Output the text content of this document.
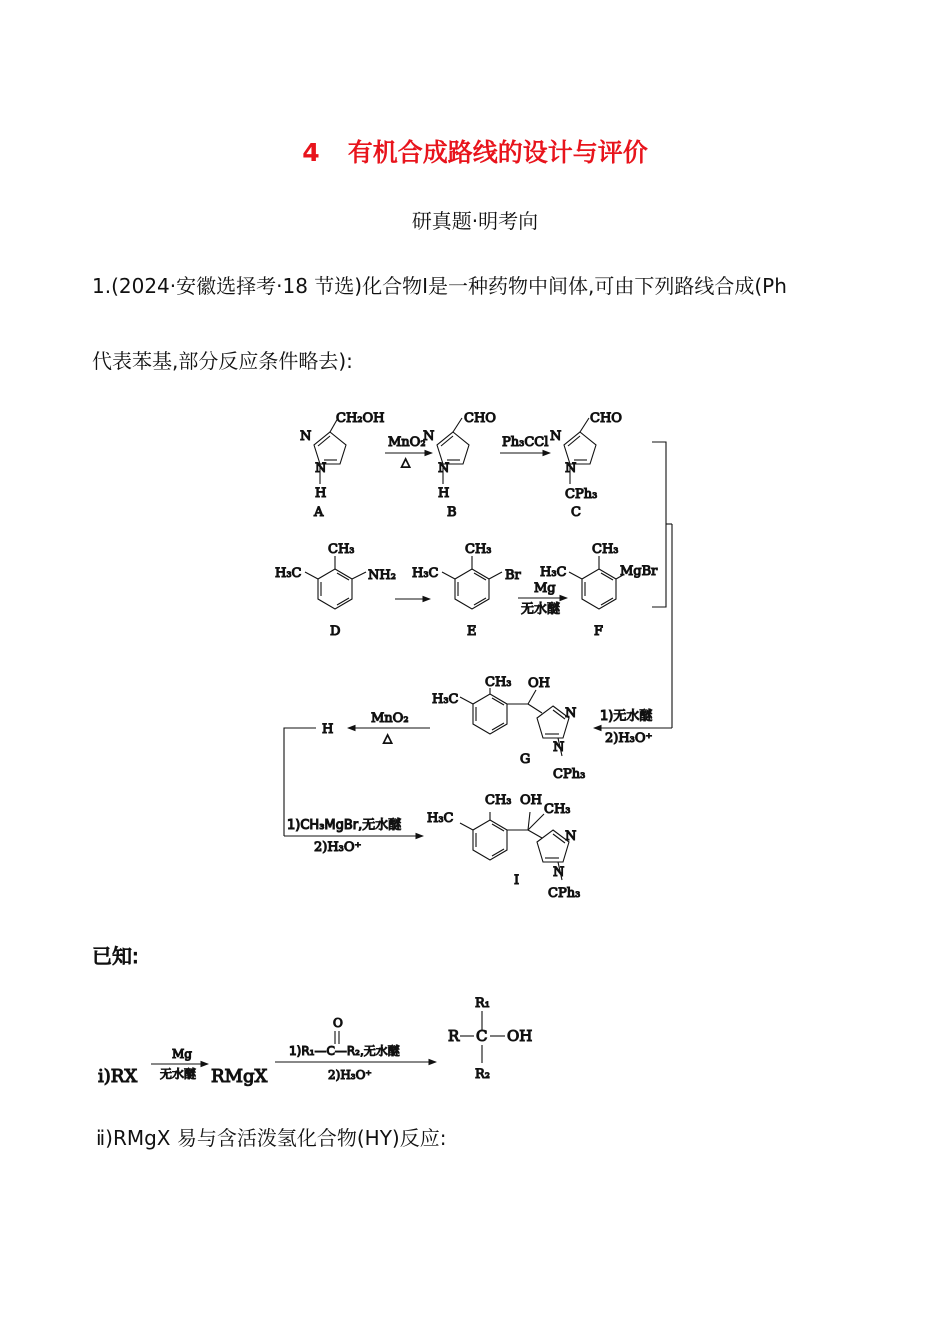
4 有机合成路线的设计与评价
研真题·明考向
1.(2024·安徽选择考·18 节选)化合物Ⅰ是一种药物中间体,可由下列路线合成(Ph
代表苯基,部分反应条件略去):
CH₂OH
N
N
H
A
MnO₂
△
CHO
N
N
H
B
Ph₃CCl
CHO
N
N
CPh₃
C
1)无水醚
2)H₃O⁺
CH₃
H₃C	NH₂
D
CH₃
H₃C	Br
E
Mg
无水醚
CH₃
H₃C	MgBr
F
CH₃
H₃C
OH
N
N
CPh₃
G
MnO₂
△
H
1)CH₃MgBr,无水醚
2)H₃O⁺
CH₃
H₃C
OH
CH₃
N
N
CPh₃
I
已知:
ⅰ)RX
Mg
无水醚 RMgX
O
1)R₁—C—R₂,无水醚
2)H₃O⁺
R₁
R C OH
R₂
ⅱ)RMgX 易与含活泼氢化合物(HY)反应:
